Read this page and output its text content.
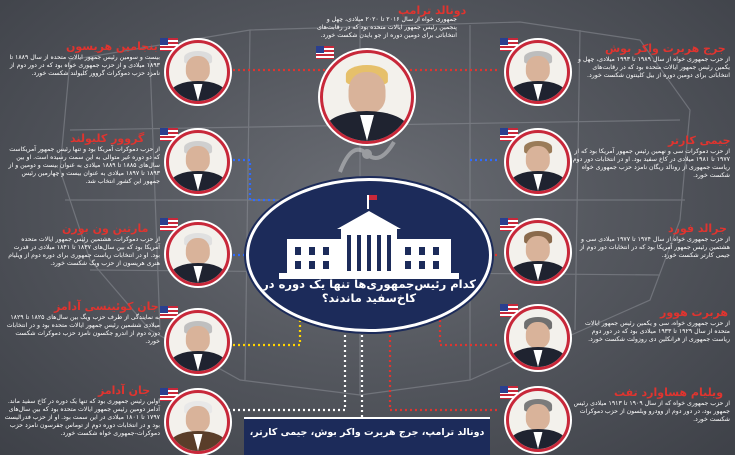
دونالد ترامپ
جمهوری خواه از سال ۲۰۱۶ تا ۲۰۲۰ میلادی، چهل و پنجمین رئیس جمهور ایالات متحده بود که در رقابت‌های انتخاباتی برای دومین دوره از جو بایدن شکست خورد.
کدام رئیس‌جمهوری‌ها تنها یک دوره در کاخ‌سفید ماندند؟
جرج هربرت واکر بوش
از حزب جمهوری خواه از سال ۱۹۸۹ تا ۱۹۹۳ میلادی، چهل و یکمین رئیس جمهور ایالات متحده بود که در رقابت‌های انتخاباتی برای دومین دوره از بیل کلینتون شکست خورد.
جیمی کارتر
از حزب دموکرات سی و نهمین رئیس جمهور آمریکا بود که از ۱۹۷۷ تا ۱۹۸۱ میلادی در کاخ سفید بود. او در انتخابات دور دوم ریاست جمهوری از رونالد ریگان نامزد حزب جمهوری خواه شکست خورد.
جرالد فورد
از حزب جمهوری خواه از سال ۱۹۷۴ تا ۱۹۷۷ میلادی سی و هشتمین رئیس جمهور آمریکا بود که در انتخابات دور دوم از جیمی کارتر شکست خورد.
هربرت هوور
از حزب جمهوری خواه، سی و یکمین رئیس جمهور ایالات متحده از سال ۱۹۲۹ تا ۱۹۳۳ میلادی بود که در دور دوم ریاست جمهوری از فرانکلین دی روزولت شکست خورد.
ویلیام هساوارد تفت
از حزب جمهوری خواه که از سال ۱۹۰۹ تا ۱۹۱۳ میلادی رئیس جمهور بود، در دور دوم از وودرو ویلسون از حزب دموکرات شکست خورد.
بنجامین هریسون
بیست و سومین رئیس جمهور ایالات متحده از سال ۱۸۸۹ تا ۱۸۹۳ میلادی و از حزب جمهوری خواه بود که در دور دوم از نامزد حزب دموکرات گروور کلیولند شکست خورد.
گروور کلیولند
از حزب دموکرات آمریکا بود و تنها رئیس جمهور آمریکاست که دو دوره غیر متوالی به این سمت رسیده است. او بین سال‌های ۱۸۸۵ تا ۱۸۸۹ میلادی به عنوان بیست و دومین و از ۱۸۹۳ تا ۱۸۹۷ میلادی به عنوان بیست و چهارمین رئیس جمهور این کشور انتخاب شد.
مارتین ون بورن
از حزب دموکرات، هشتمین رئیس جمهور ایالات متحده آمریکا بود که بین سال‌های ۱۸۳۷ تا ۱۸۴۱ میلادی در قدرت بود. او در انتخابات ریاست جمهوری برای دوره دوم از ویلیام هنری هریسون از حزب ویگ شکست خورد.
جان کوئینسی آدامز
به نمایندگی از طرف حزب ویگ بین سال‌های ۱۸۲۵ تا ۱۸۲۹ میلادی ششمین رئیس جمهور ایالات متحده بود و در انتخابات دوره دوم از اندرو جکسون نامزد حزب دموکرات شکست خورد.
جان آدامز
اولین رئیس جمهوری بود که تنها یک دوره در کاخ سفید ماند. آدامز دومین رئیس جمهور ایالات متحده بود که بین سال‌های ۱۷۹۷ تا ۱۸۰۱ میلادی در این سمت بود. او از حزب فدرالیست بود و در انتخابات دوره دوم از توماس جفرسون نامزد حزب دموکرات-جمهوری خواه شکست خورد.	دونالد ترامپ، جرج هربرت واکر بوش، جیمی کارتر،
